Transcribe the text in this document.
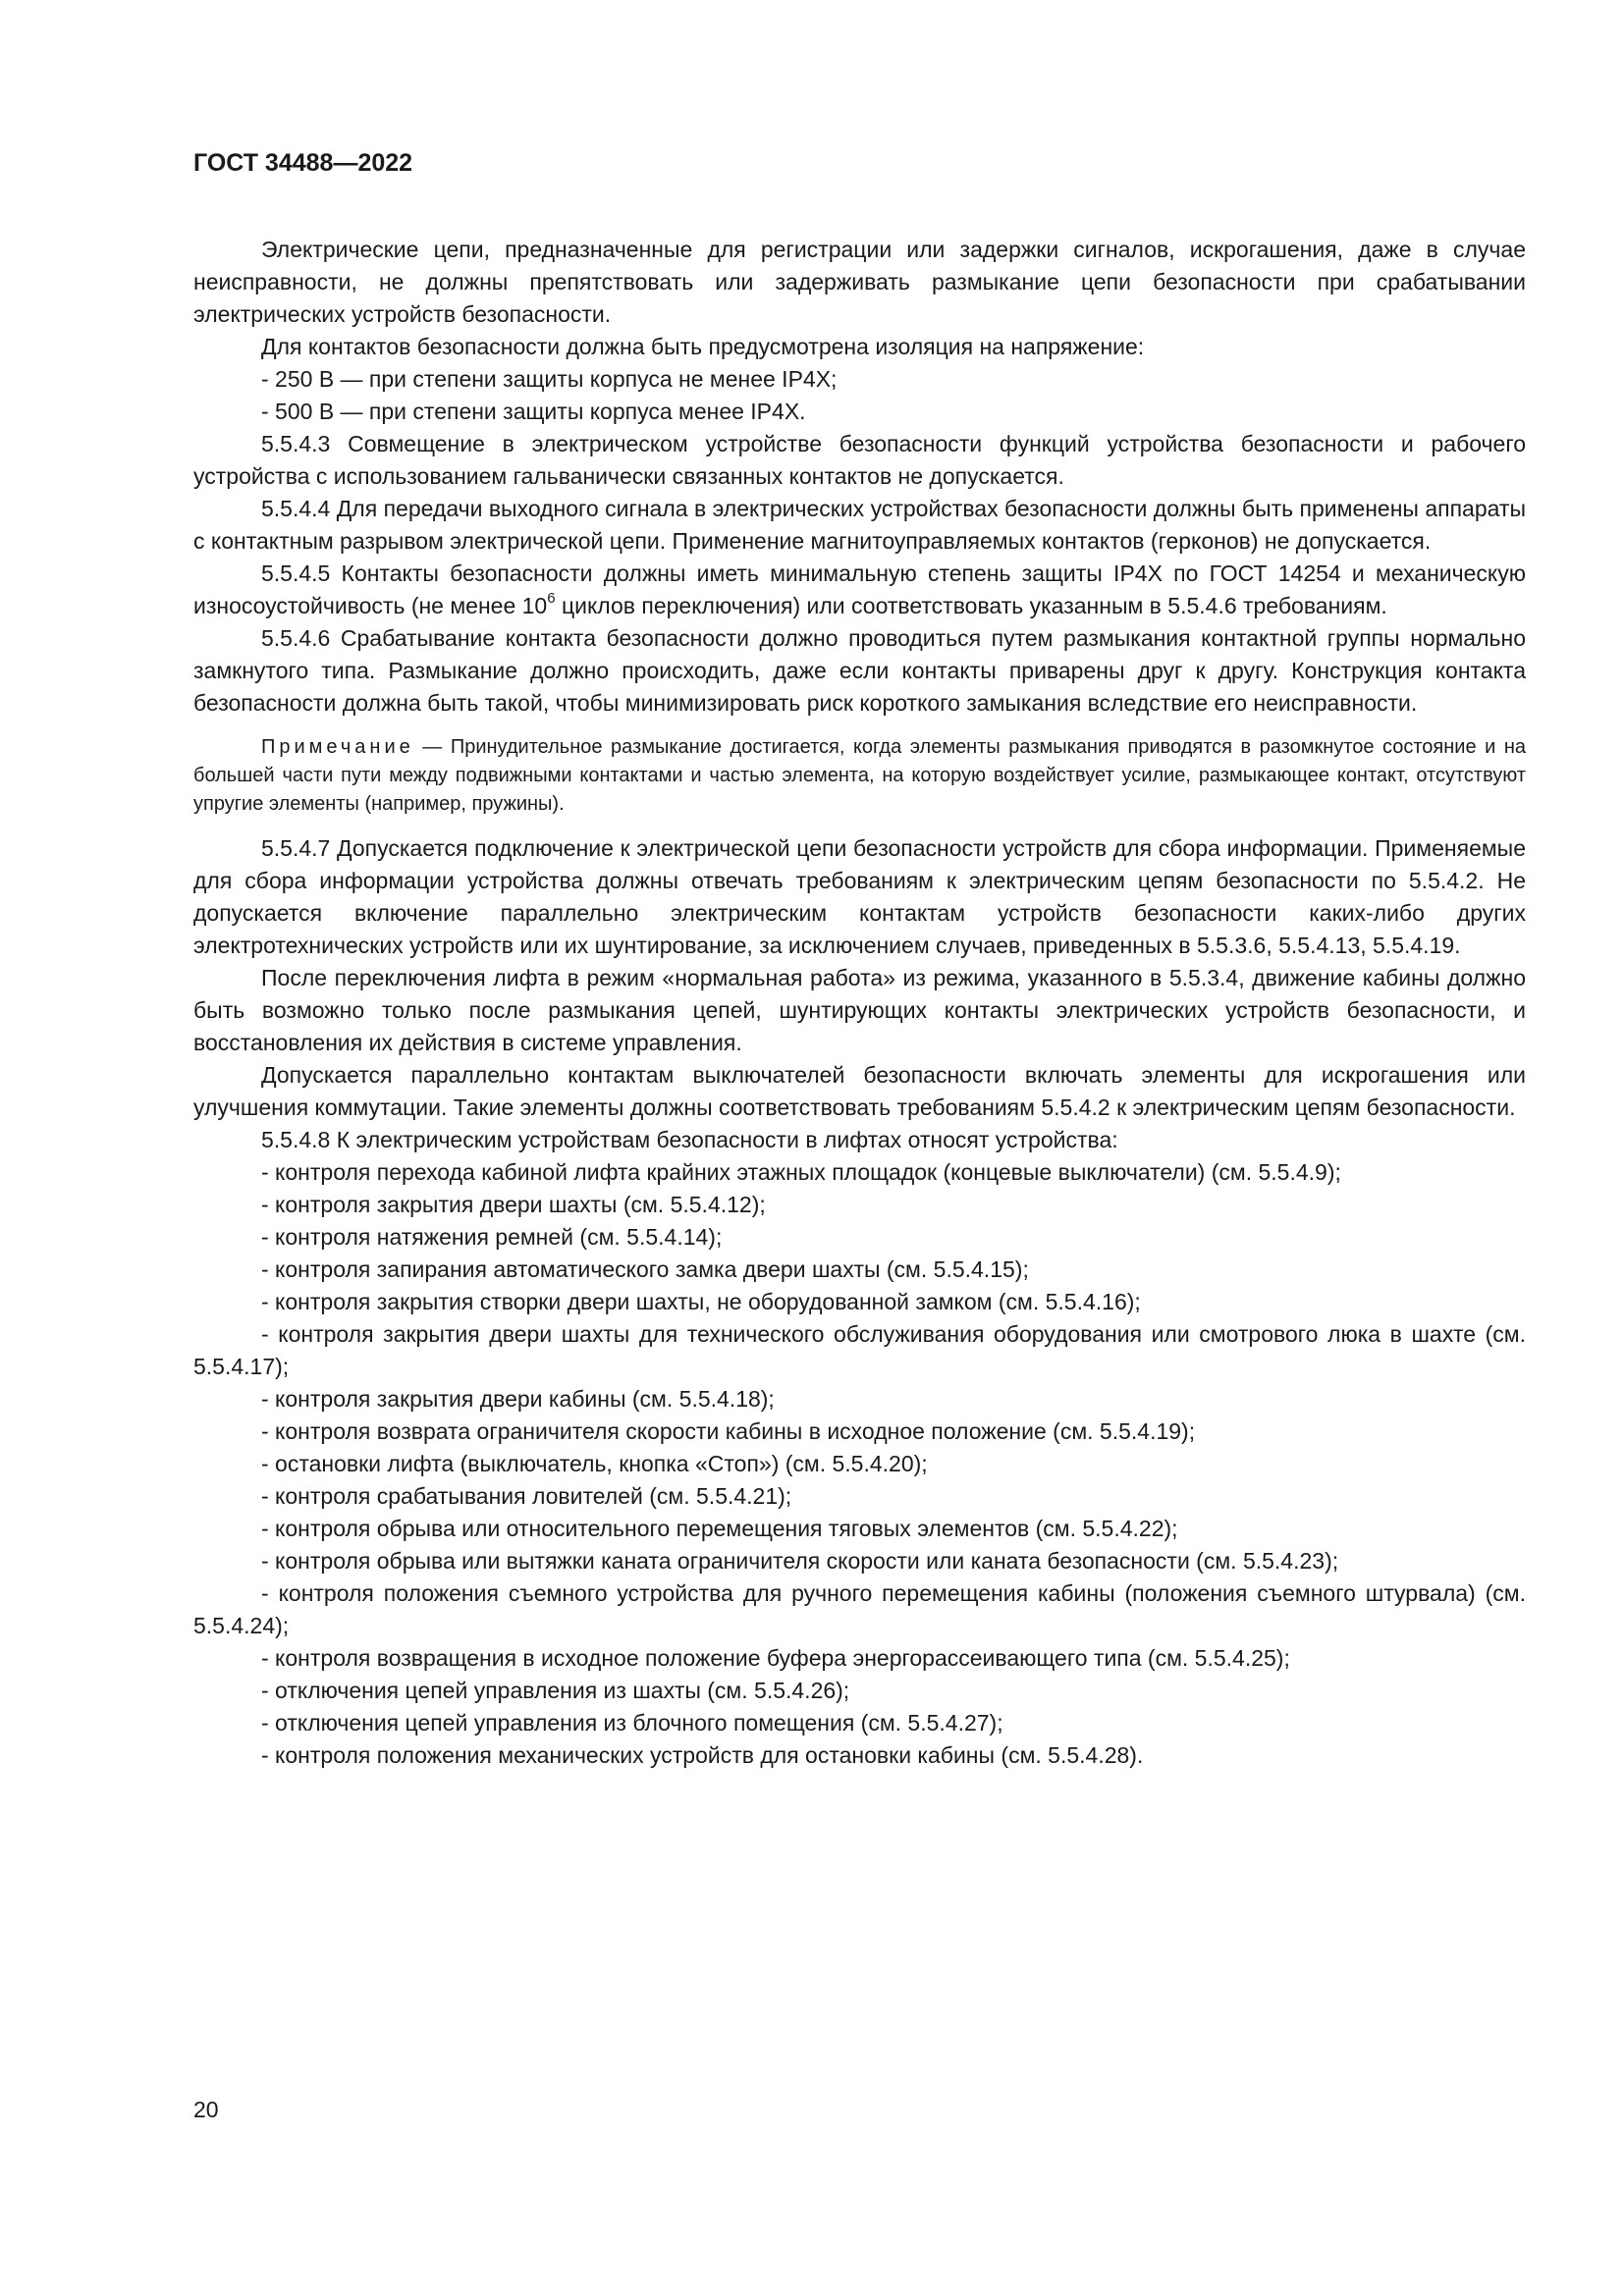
ГОСТ 34488—2022

Электрические цепи, предназначенные для регистрации или задержки сигналов, искрогашения, даже в случае неисправности, не должны препятствовать или задерживать размыкание цепи безопасности при срабатывании электрических устройств безопасности.

Для контактов безопасности должна быть предусмотрена изоляция на напряжение:

- 250 В — при степени защиты корпуса не менее IP4X;

- 500 В — при степени защиты корпуса менее IP4X.

5.5.4.3 Совмещение в электрическом устройстве безопасности функций устройства безопасности и рабочего устройства с использованием гальванически связанных контактов не допускается.

5.5.4.4 Для передачи выходного сигнала в электрических устройствах безопасности должны быть применены аппараты с контактным разрывом электрической цепи. Применение магнитоуправляемых контактов (герконов) не допускается.

5.5.4.5 Контакты безопасности должны иметь минимальную степень защиты IP4X по ГОСТ 14254 и механическую износоустойчивость (не менее $10^6$ циклов переключения) или соответствовать указанным в 5.5.4.6 требованиям.

5.5.4.6 Срабатывание контакта безопасности должно проводиться путем размыкания контактной группы нормально замкнутого типа. Размыкание должно происходить, даже если контакты приварены друг к другу. Конструкция контакта безопасности должна быть такой, чтобы минимизировать риск короткого замыкания вследствие его неисправности.

Примечание — Принудительное размыкание достигается, когда элементы размыкания приводятся в разомкнутое состояние и на большей части пути между подвижными контактами и частью элемента, на которую воздействует усилие, размыкающее контакт, отсутствуют упругие элементы (например, пружины).

5.5.4.7 Допускается подключение к электрической цепи безопасности устройств для сбора информации. Применяемые для сбора информации устройства должны отвечать требованиям к электрическим цепям безопасности по 5.5.4.2. Не допускается включение параллельно электрическим контактам устройств безопасности каких-либо других электротехнических устройств или их шунтирование, за исключением случаев, приведенных в 5.5.3.6, 5.5.4.13, 5.5.4.19.

После переключения лифта в режим «нормальная работа» из режима, указанного в 5.5.3.4, движение кабины должно быть возможно только после размыкания цепей, шунтирующих контакты электрических устройств безопасности, и восстановления их действия в системе управления.

Допускается параллельно контактам выключателей безопасности включать элементы для искрогашения или улучшения коммутации. Такие элементы должны соответствовать требованиям 5.5.4.2 к электрическим цепям безопасности.

5.5.4.8 К электрическим устройствам безопасности в лифтах относят устройства:

- контроля перехода кабиной лифта крайних этажных площадок (концевые выключатели) (см. 5.5.4.9);

- контроля закрытия двери шахты (см. 5.5.4.12);

- контроля натяжения ремней (см. 5.5.4.14);

- контроля запирания автоматического замка двери шахты (см. 5.5.4.15);

- контроля закрытия створки двери шахты, не оборудованной замком (см. 5.5.4.16);

- контроля закрытия двери шахты для технического обслуживания оборудования или смотрового люка в шахте (см. 5.5.4.17);

- контроля закрытия двери кабины (см. 5.5.4.18);

- контроля возврата ограничителя скорости кабины в исходное положение (см. 5.5.4.19);

- остановки лифта (выключатель, кнопка «Стоп») (см. 5.5.4.20);

- контроля срабатывания ловителей (см. 5.5.4.21);

- контроля обрыва или относительного перемещения тяговых элементов (см. 5.5.4.22);

- контроля обрыва или вытяжки каната ограничителя скорости или каната безопасности (см. 5.5.4.23);

- контроля положения съемного устройства для ручного перемещения кабины (положения съемного штурвала) (см. 5.5.4.24);

- контроля возвращения в исходное положение буфера энергорассеивающего типа (см. 5.5.4.25);

- отключения цепей управления из шахты (см. 5.5.4.26);

- отключения цепей управления из блочного помещения (см. 5.5.4.27);

- контроля положения механических устройств для остановки кабины (см. 5.5.4.28).

20
